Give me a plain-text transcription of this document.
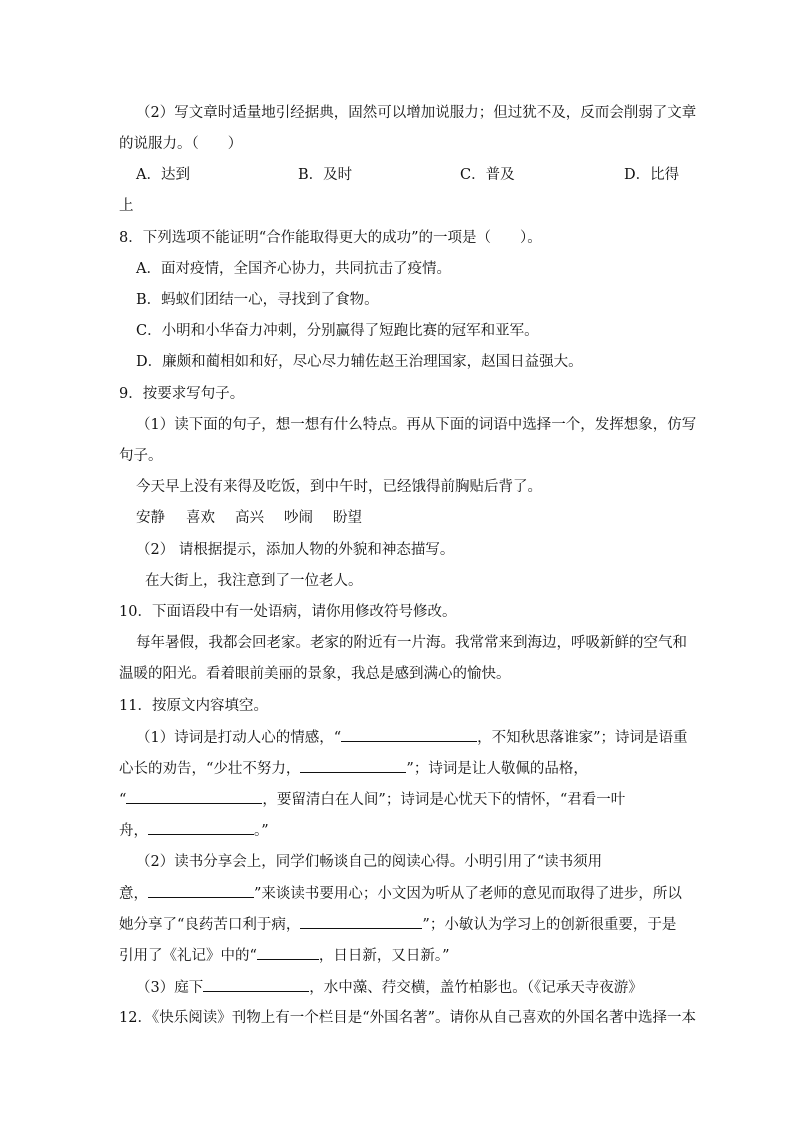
（2）写文章时适量地引经据典，固然可以增加说服力；但过犹不及，反而会削弱了文章
的说服力。（　　）
A．达到	B．及时	C．普及	D．比得
上
8．下列选项不能证明“合作能取得更大的成功”的一项是（　　）。
A．面对疫情，全国齐心协力，共同抗击了疫情。
B．蚂蚁们团结一心，寻找到了食物。
C．小明和小华奋力冲刺，分别赢得了短跑比赛的冠军和亚军。
D．廉颇和蔺相如和好，尽心尽力辅佐赵王治理国家，赵国日益强大。
9．按要求写句子。
（1）读下面的句子，想一想有什么特点。再从下面的词语中选择一个，发挥想象，仿写
句子。
今天早上没有来得及吃饭，到中午时，已经饿得前胸贴后背了。
安静 喜欢 高兴 吵闹 盼望
（2） 请根据提示，添加人物的外貌和神态描写。
在大街上，我注意到了一位老人。
10．下面语段中有一处语病，请你用修改符号修改。
每年暑假，我都会回老家。老家的附近有一片海。我常常来到海边，呼吸新鲜的空气和
温暖的阳光。看着眼前美丽的景象，我总是感到满心的愉快。
11．按原文内容填空。
（1）诗词是打动人心的情感，“	，不知秋思落谁家”；诗词是语重
心长的劝告，“少壮不努力，	”；诗词是让人敬佩的品格，
“	，要留清白在人间”；诗词是心忧天下的情怀，“君看一叶
舟，	。”
（2）读书分享会上，同学们畅谈自己的阅读心得。小明引用了“读书须用
意，	”来谈读书要用心；小文因为听从了老师的意见而取得了进步，所以
她分享了“良药苦口利于病，	”；小敏认为学习上的创新很重要，于是
引用了《礼记》中的“	，日日新，又日新。”
（3）庭下	，水中藻、荇交横，盖竹柏影也。（《记承天寺夜游》
12．《快乐阅读》刊物上有一个栏目是“外国名著”。请你从自己喜欢的外国名著中选择一本
